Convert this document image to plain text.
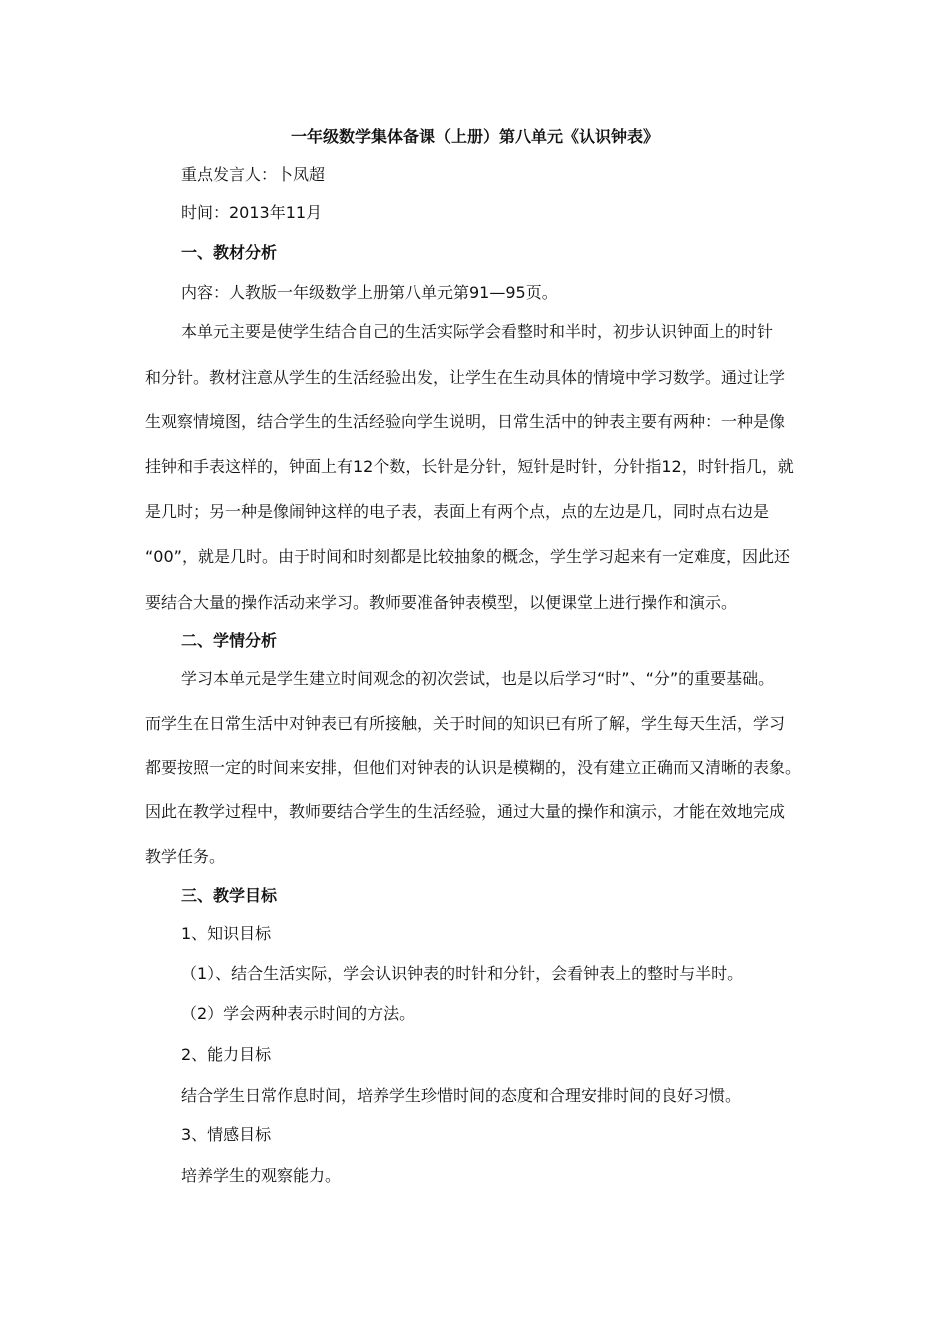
一年级数学集体备课（上册）第八单元《认识钟表》
重点发言人：卜凤超
时间：2013年11月
一、教材分析
内容：人教版一年级数学上册第八单元第91—95页。
本单元主要是使学生结合自己的生活实际学会看整时和半时，初步认识钟面上的时针
和分针。教材注意从学生的生活经验出发，让学生在生动具体的情境中学习数学。通过让学
生观察情境图，结合学生的生活经验向学生说明，日常生活中的钟表主要有两种：一种是像
挂钟和手表这样的，钟面上有12个数，长针是分针，短针是时针，分针指12，时针指几，就
是几时；另一种是像闹钟这样的电子表，表面上有两个点，点的左边是几，同时点右边是
“00”，就是几时。由于时间和时刻都是比较抽象的概念，学生学习起来有一定难度，因此还
要结合大量的操作活动来学习。教师要准备钟表模型，以便课堂上进行操作和演示。
二、学情分析
学习本单元是学生建立时间观念的初次尝试，也是以后学习“时”、“分”的重要基础。
而学生在日常生活中对钟表已有所接触，关于时间的知识已有所了解，学生每天生活，学习
都要按照一定的时间来安排，但他们对钟表的认识是模糊的，没有建立正确而又清晰的表象。
因此在教学过程中，教师要结合学生的生活经验，通过大量的操作和演示，才能在效地完成
教学任务。
三、教学目标
1、知识目标
（1）、结合生活实际，学会认识钟表的时针和分针，会看钟表上的整时与半时。
（2）学会两种表示时间的方法。
2、能力目标
结合学生日常作息时间，培养学生珍惜时间的态度和合理安排时间的良好习惯。
3、情感目标
培养学生的观察能力。
